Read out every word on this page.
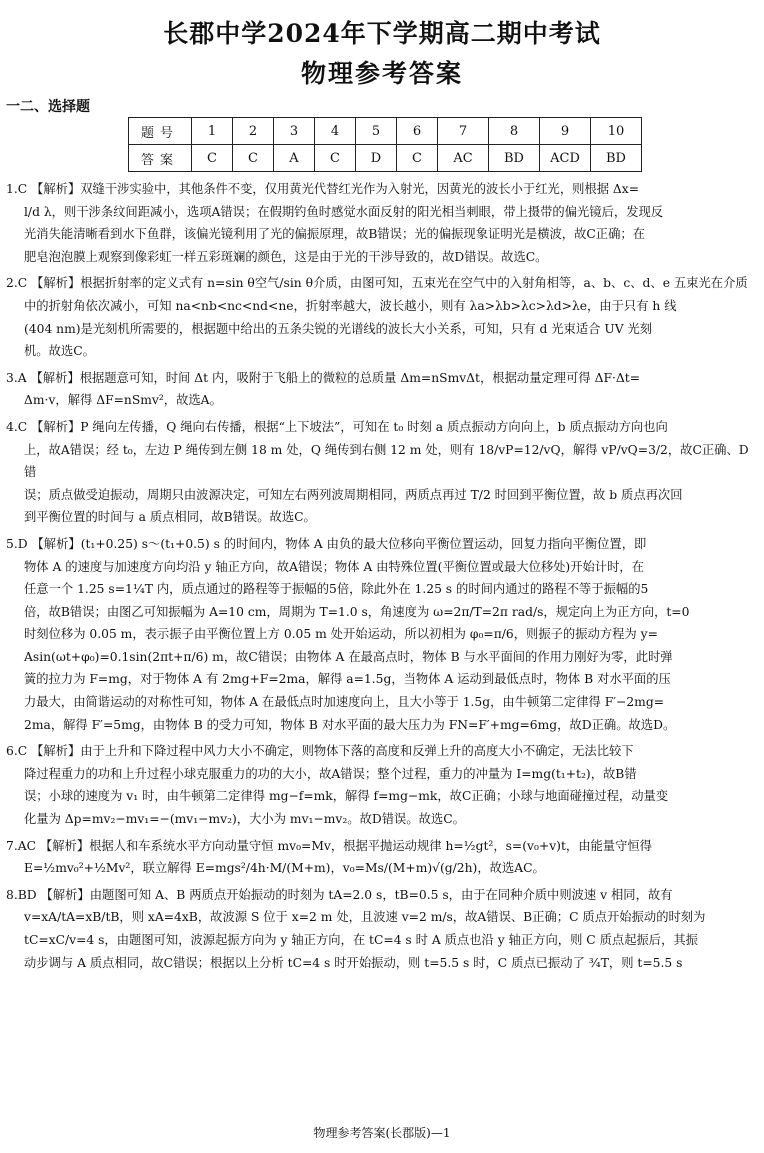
长郡中学2024年下学期高二期中考试
物理参考答案
一二、选择题
题号	1	2	3	4	5	6	7	8	9	10
答案	C	C	A	C	D	C	AC	BD	ACD	BD

1.C 【解析】双缝干涉实验中，其他条件不变，仅用黄光代替红光作为入射光，因黄光的波长小于红光，则根据 Δx=

l/d λ，则干涉条纹间距减小，选项A错误；在假期钓鱼时感觉水面反射的阳光相当刺眼，带上摄带的偏光镜后，发现反

光消失能清晰看到水下鱼群，该偏光镜利用了光的偏振原理，故B错误；光的偏振现象证明光是横波，故C正确；在

肥皂泡泡膜上观察到像彩虹一样五彩斑斓的颜色，这是由于光的干涉导致的，故D错误。故选C。

2.C 【解析】根据折射率的定义式有 n=sin θ空气/sin θ介质，由图可知，五束光在空气中的入射角相等，a、b、c、d、e 五束光在介质

中的折射角依次减小，可知 na<nb<nc<nd<ne，折射率越大，波长越小，则有 λa>λb>λc>λd>λe，由于只有 h 线

(404 nm)是光刻机所需要的，根据题中给出的五条尖锐的光谱线的波长大小关系，可知，只有 d 光束适合 UV 光刻

机。故选C。

3.A 【解析】根据题意可知，时间 Δt 内，吸附于飞船上的微粒的总质量 Δm=nSmvΔt，根据动量定理可得 ΔF·Δt=

Δm·v，解得 ΔF=nSmv²，故选A。

4.C 【解析】P 绳向左传播，Q 绳向右传播，根据“上下坡法”，可知在 t₀ 时刻 a 质点振动方向向上，b 质点振动方向也向

上，故A错误；经 t₀，左边 P 绳传到左侧 18 m 处，Q 绳传到右侧 12 m 处，则有 18/vP=12/vQ，解得 vP/vQ=3/2，故C正确、D错

误；质点做受迫振动，周期只由波源决定，可知左右两列波周期相同，两质点再过 T/2 时回到平衡位置，故 b 质点再次回

到平衡位置的时间与 a 质点相同，故B错误。故选C。

5.D 【解析】(t₁+0.25) s～(t₁+0.5) s 的时间内，物体 A 由负的最大位移向平衡位置运动，回复力指向平衡位置，即

物体 A 的速度与加速度方向均沿 y 轴正方向，故A错误；物体 A 由特殊位置(平衡位置或最大位移处)开始计时，在

任意一个 1.25 s=1¼T 内，质点通过的路程等于振幅的5倍，除此外在 1.25 s 的时间内通过的路程不等于振幅的5

倍，故B错误；由图乙可知振幅为 A=10 cm，周期为 T=1.0 s，角速度为 ω=2π/T=2π rad/s，规定向上为正方向，t=0

时刻位移为 0.05 m，表示振子由平衡位置上方 0.05 m 处开始运动，所以初相为 φ₀=π/6，则振子的振动方程为 y=

Asin(ωt+φ₀)=0.1sin(2πt+π/6) m，故C错误；由物体 A 在最高点时，物体 B 与水平面间的作用力刚好为零，此时弹

簧的拉力为 F=mg，对于物体 A 有 2mg+F=2ma，解得 a=1.5g，当物体 A 运动到最低点时，物体 B 对水平面的压

力最大，由简谐运动的对称性可知，物体 A 在最低点时加速度向上，且大小等于 1.5g，由牛顿第二定律得 F′−2mg=

2ma，解得 F′=5mg，由物体 B 的受力可知，物体 B 对水平面的最大压力为 FN=F′+mg=6mg，故D正确。故选D。

6.C 【解析】由于上升和下降过程中风力大小不确定，则物体下落的高度和反弹上升的高度大小不确定，无法比较下

降过程重力的功和上升过程小球克服重力的功的大小，故A错误；整个过程，重力的冲量为 I=mg(t₁+t₂)，故B错

误；小球的速度为 v₁ 时，由牛顿第二定律得 mg−f=mk，解得 f=mg−mk，故C正确；小球与地面碰撞过程，动量变

化量为 Δp=mv₂−mv₁=−(mv₁−mv₂)，大小为 mv₁−mv₂。故D错误。故选C。

7.AC 【解析】根据人和车系统水平方向动量守恒 mv₀=Mv，根据平抛运动规律 h=½gt²，s=(v₀+v)t，由能量守恒得

E=½mv₀²+½Mv²，联立解得 E=mgs²/4h·M/(M+m)，v₀=Ms/(M+m)√(g/2h)，故选AC。

8.BD 【解析】由题图可知 A、B 两质点开始振动的时刻为 tA=2.0 s，tB=0.5 s，由于在同种介质中则波速 v 相同，故有

v=xA/tA=xB/tB，则 xA=4xB，故波源 S 位于 x=2 m 处，且波速 v=2 m/s，故A错误、B正确；C 质点开始振动的时刻为

tC=xC/v=4 s，由题图可知，波源起振方向为 y 轴正方向，在 tC=4 s 时 A 质点也沿 y 轴正方向，则 C 质点起振后，其振

动步调与 A 质点相同，故C错误；根据以上分析 tC=4 s 时开始振动，则 t=5.5 s 时，C 质点已振动了 ¾T，则 t=5.5 s

物理参考答案(长郡版)—1
